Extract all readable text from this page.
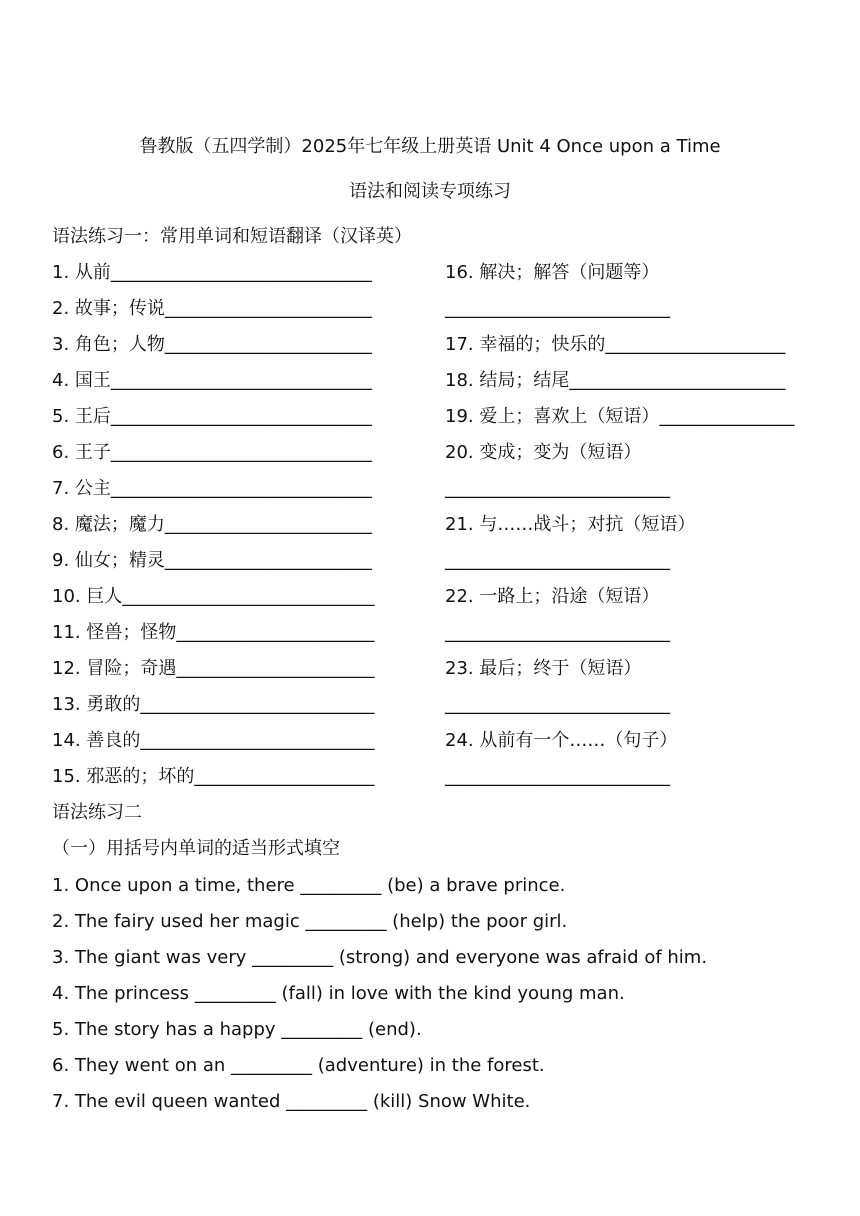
鲁教版（五四学制）2025年七年级上册英语 Unit 4 Once upon a Time
语法和阅读专项练习
语法练习一：常用单词和短语翻译（汉译英）
1. 从前_____________________________
2. 故事；传说_______________________
3. 角色；人物_______________________
4. 国王_____________________________
5. 王后_____________________________
6. 王子_____________________________
7. 公主_____________________________
8. 魔法；魔力_______________________
9. 仙女；精灵_______________________
10. 巨人____________________________
11. 怪兽；怪物______________________
12. 冒险；奇遇______________________
13. 勇敢的__________________________
14. 善良的__________________________
15. 邪恶的；坏的____________________
16. 解决；解答（问题等）
_________________________
17. 幸福的；快乐的____________________
18. 结局；结尾________________________
19. 爱上；喜欢上（短语）_______________
20. 变成；变为（短语）
_________________________
21. 与……战斗；对抗（短语）
_________________________
22. 一路上；沿途（短语）
_________________________
23. 最后；终于（短语）
_________________________
24. 从前有一个……（句子）
_________________________
语法练习二
（一）用括号内单词的适当形式填空
1. Once upon a time, there _________ (be) a brave prince.
2. The fairy used her magic _________ (help) the poor girl.
3. The giant was very _________ (strong) and everyone was afraid of him.
4. The princess _________ (fall) in love with the kind young man.
5. The story has a happy _________ (end).
6. They went on an _________ (adventure) in the forest.
7. The evil queen wanted _________ (kill) Snow White.
